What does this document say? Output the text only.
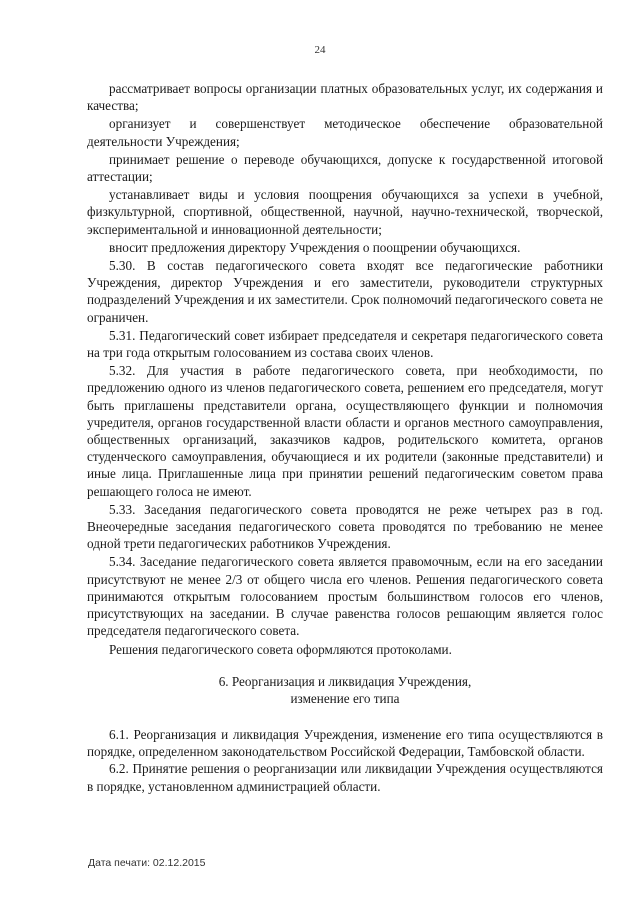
24

рассматривает вопросы организации платных образовательных услуг, их содержания и качества;

организует и совершенствует методическое обеспечение образовательной деятельности Учреждения;

принимает решение о переводе обучающихся, допуске к государственной итоговой аттестации;

устанавливает виды и условия поощрения обучающихся за успехи в учебной, физкультурной, спортивной, общественной, научной, научно-технической, творческой, экспериментальной и инновационной деятельности;

вносит предложения директору Учреждения о поощрении обучающихся.

5.30. В состав педагогического совета входят все педагогические работники Учреждения, директор Учреждения и его заместители, руководители структурных подразделений Учреждения и их заместители. Срок полномочий педагогического совета не ограничен.

5.31. Педагогический совет избирает председателя и секретаря педагогического совета на три года открытым голосованием из состава своих членов.

5.32. Для участия в работе педагогического совета, при необходимости, по предложению одного из членов педагогического совета, решением его председателя, могут быть приглашены представители органа, осуществляющего функции и полномочия учредителя, органов государственной власти области и органов местного самоуправления, общественных организаций, заказчиков кадров, родительского комитета, органов студенческого самоуправления, обучающиеся и их родители (законные представители) и иные лица. Приглашенные лица при принятии решений педагогическим советом права решающего голоса не имеют.

5.33. Заседания педагогического совета проводятся не реже четырех раз в год. Внеочередные заседания педагогического совета проводятся по требованию не менее одной трети педагогических работников Учреждения.

5.34. Заседание педагогического совета является правомочным, если на его заседании присутствуют не менее 2/3 от общего числа его членов. Решения педагогического совета принимаются открытым голосованием простым большинством голосов его членов, присутствующих на заседании. В случае равенства голосов решающим является голос председателя педагогического совета.

Решения педагогического совета оформляются протоколами.

6. Реорганизация и ликвидация Учреждения,
изменение его типа

6.1. Реорганизация и ликвидация Учреждения, изменение его типа осуществляются в порядке, определенном законодательством Российской Федерации, Тамбовской области.

6.2. Принятие решения о реорганизации или ликвидации Учреждения осуществляются в порядке, установленном администрацией области.

Дата печати: 02.12.2015
